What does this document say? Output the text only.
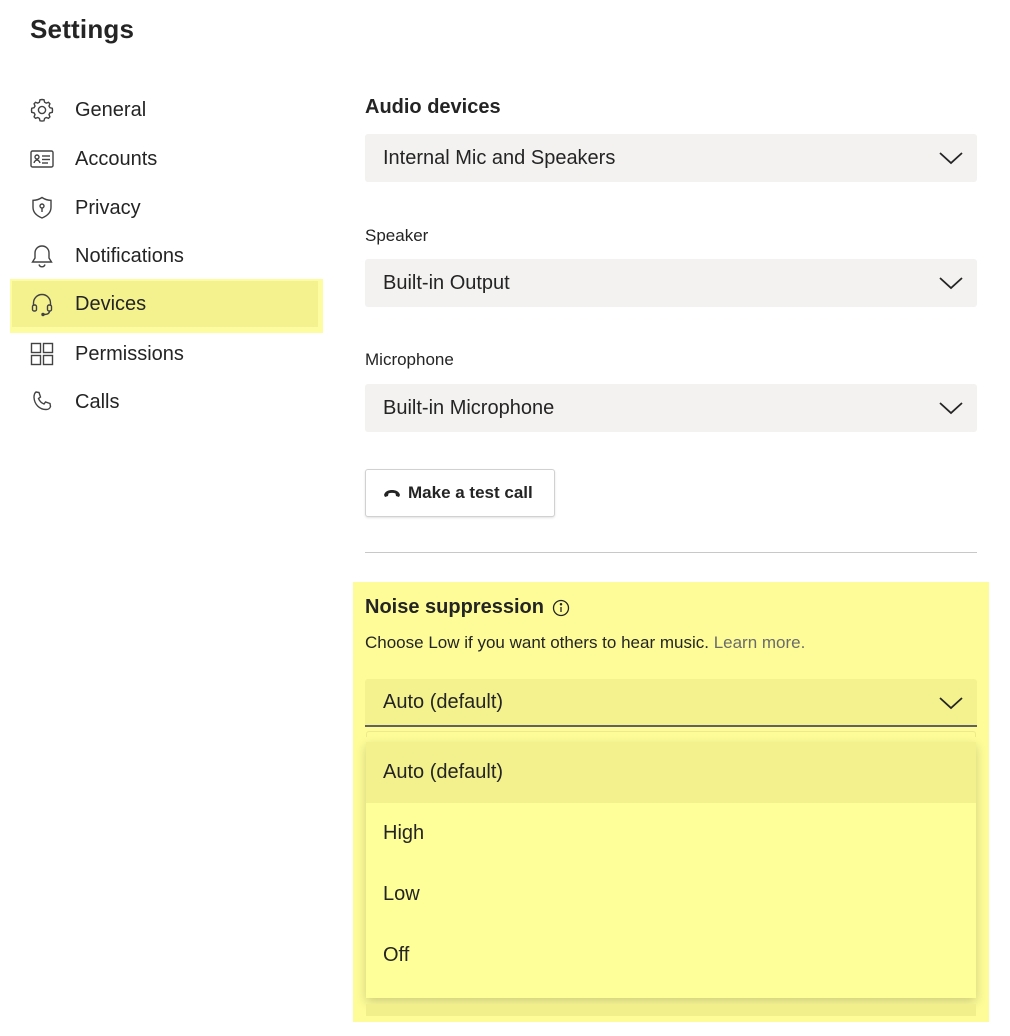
Settings
General
Accounts
Privacy
Notifications
Devices
Permissions
Calls
Audio devices
Internal Mic and Speakers
Speaker
Built-in Output
Microphone
Built-in Microphone
Make a test call
Noise suppression
Choose Low if you want others to hear music. Learn more.
Auto (default)
Auto (default)
High
Low
Off
